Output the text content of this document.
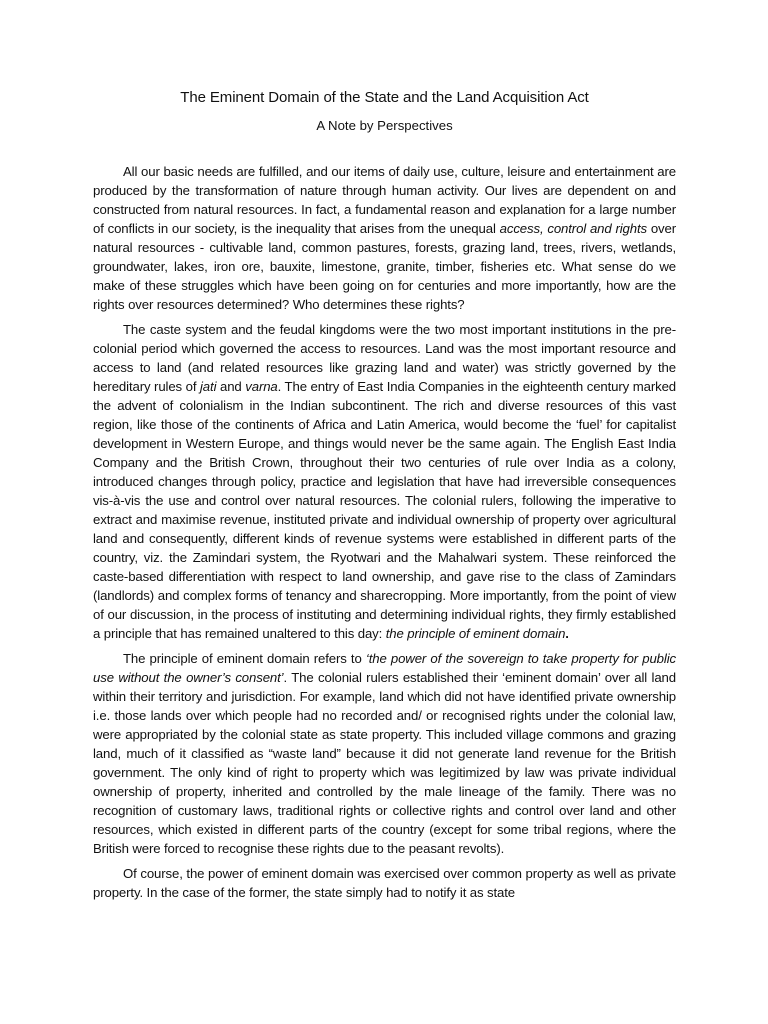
The Eminent Domain of the State and the Land Acquisition Act
A Note by Perspectives

All our basic needs are fulfilled, and our items of daily use, culture, leisure and entertainment are produced by the transformation of nature through human activity. Our lives are dependent on and constructed from natural resources. In fact, a fundamental reason and explanation for a large number of conflicts in our society, is the inequality that arises from the unequal access, control and rights over natural resources - cultivable land, common pastures, forests, grazing land, trees, rivers, wetlands, groundwater, lakes, iron ore, bauxite, limestone, granite, timber, fisheries etc. What sense do we make of these struggles which have been going on for centuries and more importantly, how are the rights over resources determined? Who determines these rights?

The caste system and the feudal kingdoms were the two most important institutions in the pre-colonial period which governed the access to resources. Land was the most important resource and access to land (and related resources like grazing land and water) was strictly governed by the hereditary rules of jati and varna. The entry of East India Companies in the eighteenth century marked the advent of colonialism in the Indian subcontinent. The rich and diverse resources of this vast region, like those of the continents of Africa and Latin America, would become the ‘fuel’ for capitalist development in Western Europe, and things would never be the same again. The English East India Company and the British Crown, throughout their two centuries of rule over India as a colony, introduced changes through policy, practice and legislation that have had irreversible consequences vis-à-vis the use and control over natural resources. The colonial rulers, following the imperative to extract and maximise revenue, instituted private and individual ownership of property over agricultural land and consequently, different kinds of revenue systems were established in different parts of the country, viz. the Zamindari system, the Ryotwari and the Mahalwari system. These reinforced the caste-based differentiation with respect to land ownership, and gave rise to the class of Zamindars (landlords) and complex forms of tenancy and sharecropping. More importantly, from the point of view of our discussion, in the process of instituting and determining individual rights, they firmly established a principle that has remained unaltered to this day: the principle of eminent domain.

The principle of eminent domain refers to ‘the power of the sovereign to take property for public use without the owner’s consent’. The colonial rulers established their ‘eminent domain’ over all land within their territory and jurisdiction. For example, land which did not have identified private ownership i.e. those lands over which people had no recorded and/ or recognised rights under the colonial law, were appropriated by the colonial state as state property. This included village commons and grazing land, much of it classified as “waste land” because it did not generate land revenue for the British government. The only kind of right to property which was legitimized by law was private individual ownership of property, inherited and controlled by the male lineage of the family. There was no recognition of customary laws, traditional rights or collective rights and control over land and other resources, which existed in different parts of the country (except for some tribal regions, where the British were forced to recognise these rights due to the peasant revolts).

Of course, the power of eminent domain was exercised over common property as well as private property. In the case of the former, the state simply had to notify it as state
